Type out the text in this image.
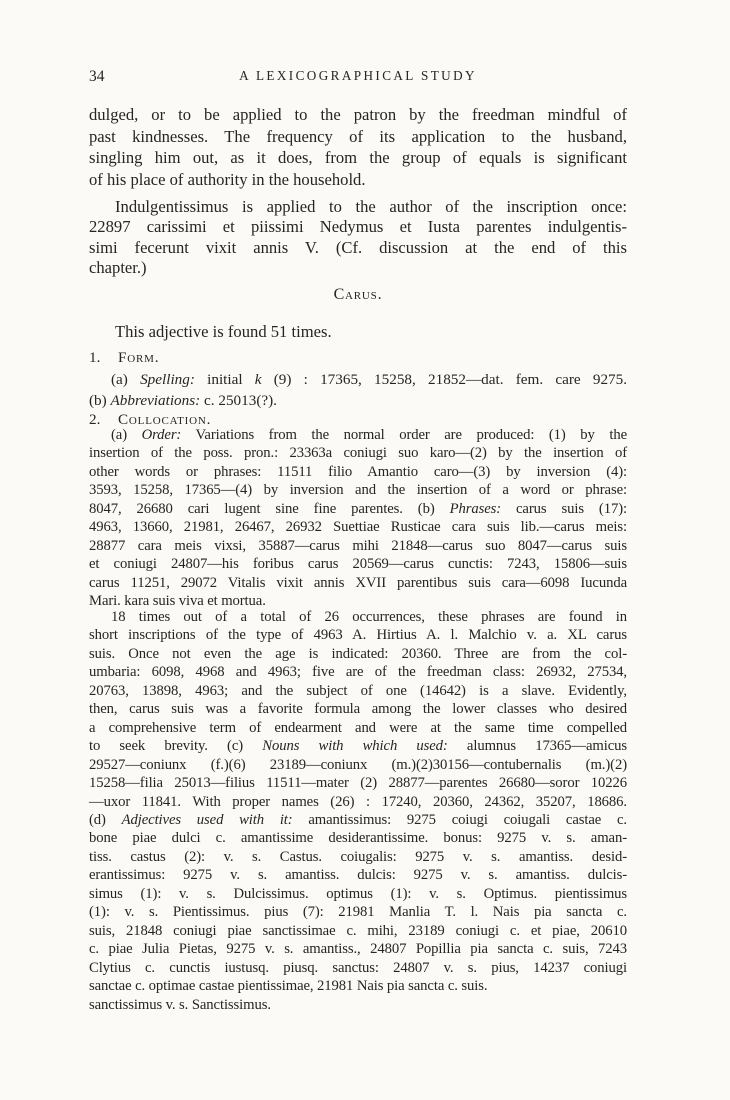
34	A LEXICOGRAPHICAL STUDY
dulged, or to be applied to the patron by the freedman mindful of
past kindnesses. The frequency of its application to the husband,
singling him out, as it does, from the group of equals is significant
of his place of authority in the household.
Indulgentissimus is applied to the author of the inscription once:
22897 carissimi et piissimi Nedymus et Iusta parentes indulgentis-
simi fecerunt vixit annis V. (Cf. discussion at the end of this
chapter.)
Carus.
This adjective is found 51 times.
1. Form.
(a) Spelling: initial k (9) : 17365, 15258, 21852—dat. fem. care 9275.
(b) Abbreviations: c. 25013(?).
2. Collocation.
(a) Order: Variations from the normal order are produced: (1) by the
insertion of the poss. pron.: 23363a coniugi suo karo—(2) by the insertion of
other words or phrases: 11511 filio Amantio caro—(3) by inversion (4):
3593, 15258, 17365—(4) by inversion and the insertion of a word or phrase:
8047, 26680 cari lugent sine fine parentes. (b) Phrases: carus suis (17):
4963, 13660, 21981, 26467, 26932 Suettiae Rusticae cara suis lib.—carus meis:
28877 cara meis vixsi, 35887—carus mihi 21848—carus suo 8047—carus suis
et coniugi 24807—his foribus carus 20569—carus cunctis: 7243, 15806—suis
carus 11251, 29072 Vitalis vixit annis XVII parentibus suis cara—6098 Iucunda
Mari. kara suis viva et mortua.
18 times out of a total of 26 occurrences, these phrases are found in
short inscriptions of the type of 4963 A. Hirtius A. l. Malchio v. a. XL carus
suis. Once not even the age is indicated: 20360. Three are from the col-
umbaria: 6098, 4968 and 4963; five are of the freedman class: 26932, 27534,
20763, 13898, 4963; and the subject of one (14642) is a slave. Evidently,
then, carus suis was a favorite formula among the lower classes who desired
a comprehensive term of endearment and were at the same time compelled
to seek brevity. (c) Nouns with which used: alumnus 17365—amicus
29527—coniunx (f.)(6) 23189—coniunx (m.)(2)30156—contubernalis (m.)(2)
15258—filia 25013—filius 11511—mater (2) 28877—parentes 26680—soror 10226
—uxor 11841. With proper names (26) : 17240, 20360, 24362, 35207, 18686.
(d) Adjectives used with it: amantissimus: 9275 coiugi coiugali castae c.
bone piae dulci c. amantissime desiderantissime. bonus: 9275 v. s. aman-
tiss. castus (2): v. s. Castus. coiugalis: 9275 v. s. amantiss. desid-
erantissimus: 9275 v. s. amantiss. dulcis: 9275 v. s. amantiss. dulcis-
simus (1): v. s. Dulcissimus. optimus (1): v. s. Optimus. pientissimus
(1): v. s. Pientissimus. pius (7): 21981 Manlia T. l. Nais pia sancta c.
suis, 21848 coniugi piae sanctissimae c. mihi, 23189 coniugi c. et piae, 20610
c. piae Julia Pietas, 9275 v. s. amantiss., 24807 Popillia pia sancta c. suis, 7243
Clytius c. cunctis iustusq. piusq. sanctus: 24807 v. s. pius, 14237 coniugi
sanctae c. optimae castae pientissimae, 21981 Nais pia sancta c. suis.
sanctissimus v. s. Sanctissimus.
